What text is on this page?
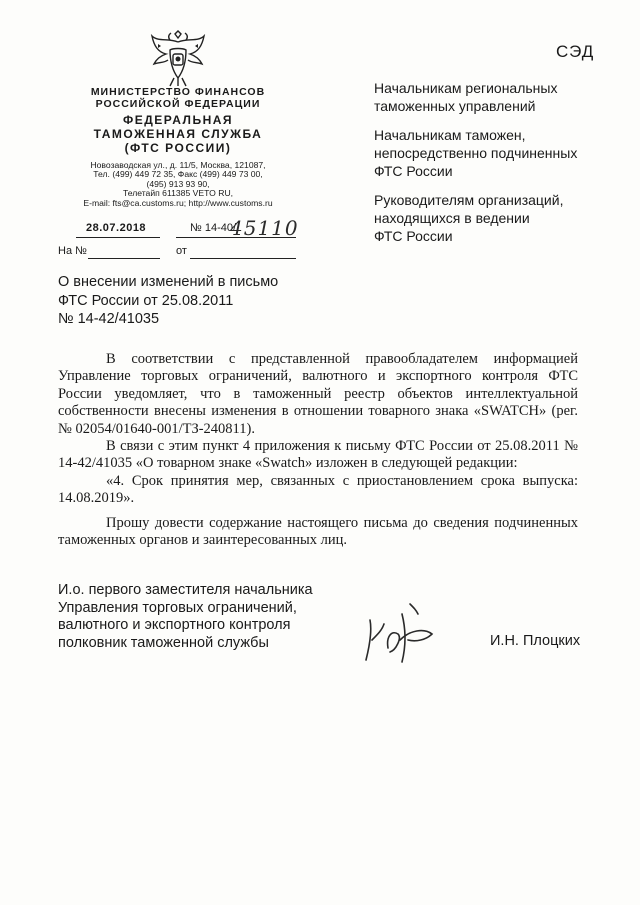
СЭД
МИНИСТЕРСТВО ФИНАНСОВ
РОССИЙСКОЙ ФЕДЕРАЦИИ
ФЕДЕРАЛЬНАЯ
ТАМОЖЕННАЯ СЛУЖБА
(ФТС РОССИИ)
Новозаводская ул., д. 11/5, Москва, 121087,
Тел. (499) 449 72 35, Факс (499) 449 73 00,
(495) 913 93 90,
Телетайп 611385 VETO RU,
E-mail: fts@ca.customs.ru; http://www.customs.ru
28.07.2018	№ 14-40/
45110
На №	от
Начальникам региональных
таможенных управлений
Начальникам таможен,
непосредственно подчиненных
ФТС России
Руководителям организаций,
находящихся в ведении
ФТС России
О внесении изменений в письмо
ФТС России от 25.08.2011
№ 14-42/41035

В соответствии с представленной правообладателем информацией Управление торговых ограничений, валютного и экспортного контроля ФТС России уведомляет, что в таможенный реестр объектов интеллектуальной собственности внесены изменения в отношении товарного знака «SWATCH» (рег. № 02054/01640-001/ТЗ-240811).

В связи с этим пункт 4 приложения к письму ФТС России от 25.08.2011 № 14-42/41035 «О товарном знаке «Swatch» изложен в следующей редакции:

«4. Срок принятия мер, связанных с приостановлением срока выпуска: 14.08.2019».

Прошу довести содержание настоящего письма до сведения подчиненных таможенных органов и заинтересованных лиц.

И.о. первого заместителя начальника
Управления торговых ограничений,
валютного и экспортного контроля
полковник таможенной службы	И.Н. Плоцких
